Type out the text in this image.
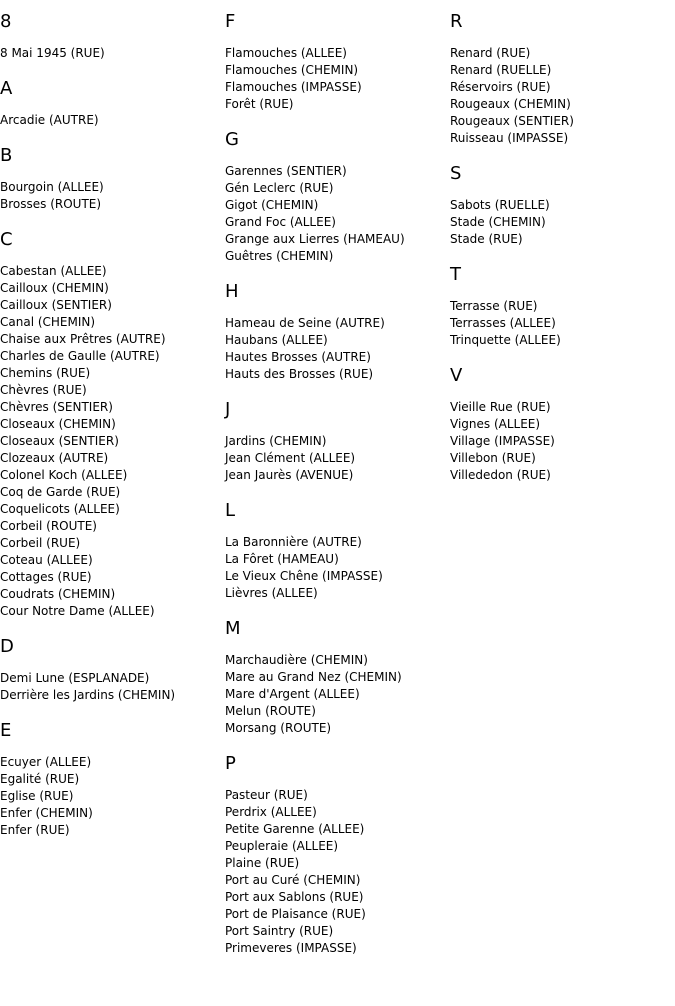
8
8 Mai 1945 (RUE)
A
Arcadie (AUTRE)
B
Bourgoin (ALLEE)
Brosses (ROUTE)
C
Cabestan (ALLEE)
Cailloux (CHEMIN)
Cailloux (SENTIER)
Canal (CHEMIN)
Chaise aux Prêtres (AUTRE)
Charles de Gaulle (AUTRE)
Chemins (RUE)
Chèvres (RUE)
Chèvres (SENTIER)
Closeaux (CHEMIN)
Closeaux (SENTIER)
Clozeaux (AUTRE)
Colonel Koch (ALLEE)
Coq de Garde (RUE)
Coquelicots (ALLEE)
Corbeil (ROUTE)
Corbeil (RUE)
Coteau (ALLEE)
Cottages (RUE)
Coudrats (CHEMIN)
Cour Notre Dame (ALLEE)
D
Demi Lune (ESPLANADE)
Derrière les Jardins (CHEMIN)
E
Ecuyer (ALLEE)
Egalité (RUE)
Eglise (RUE)
Enfer (CHEMIN)
Enfer (RUE)
F
Flamouches (ALLEE)
Flamouches (CHEMIN)
Flamouches (IMPASSE)
Forêt (RUE)
G
Garennes (SENTIER)
Gén Leclerc (RUE)
Gigot (CHEMIN)
Grand Foc (ALLEE)
Grange aux Lierres (HAMEAU)
Guêtres (CHEMIN)
H
Hameau de Seine (AUTRE)
Haubans (ALLEE)
Hautes Brosses (AUTRE)
Hauts des Brosses (RUE)
J
Jardins (CHEMIN)
Jean Clément (ALLEE)
Jean Jaurès (AVENUE)
L
La Baronnière (AUTRE)
La Fôret (HAMEAU)
Le Vieux Chêne (IMPASSE)
Lièvres (ALLEE)
M
Marchaudière (CHEMIN)
Mare au Grand Nez (CHEMIN)
Mare d'Argent (ALLEE)
Melun (ROUTE)
Morsang (ROUTE)
P
Pasteur (RUE)
Perdrix (ALLEE)
Petite Garenne (ALLEE)
Peupleraie (ALLEE)
Plaine (RUE)
Port au Curé (CHEMIN)
Port aux Sablons (RUE)
Port de Plaisance (RUE)
Port Saintry (RUE)
Primeveres (IMPASSE)
R
Renard (RUE)
Renard (RUELLE)
Réservoirs (RUE)
Rougeaux (CHEMIN)
Rougeaux (SENTIER)
Ruisseau (IMPASSE)
S
Sabots (RUELLE)
Stade (CHEMIN)
Stade (RUE)
T
Terrasse (RUE)
Terrasses (ALLEE)
Trinquette (ALLEE)
V
Vieille Rue (RUE)
Vignes (ALLEE)
Village (IMPASSE)
Villebon (RUE)
Villededon (RUE)
